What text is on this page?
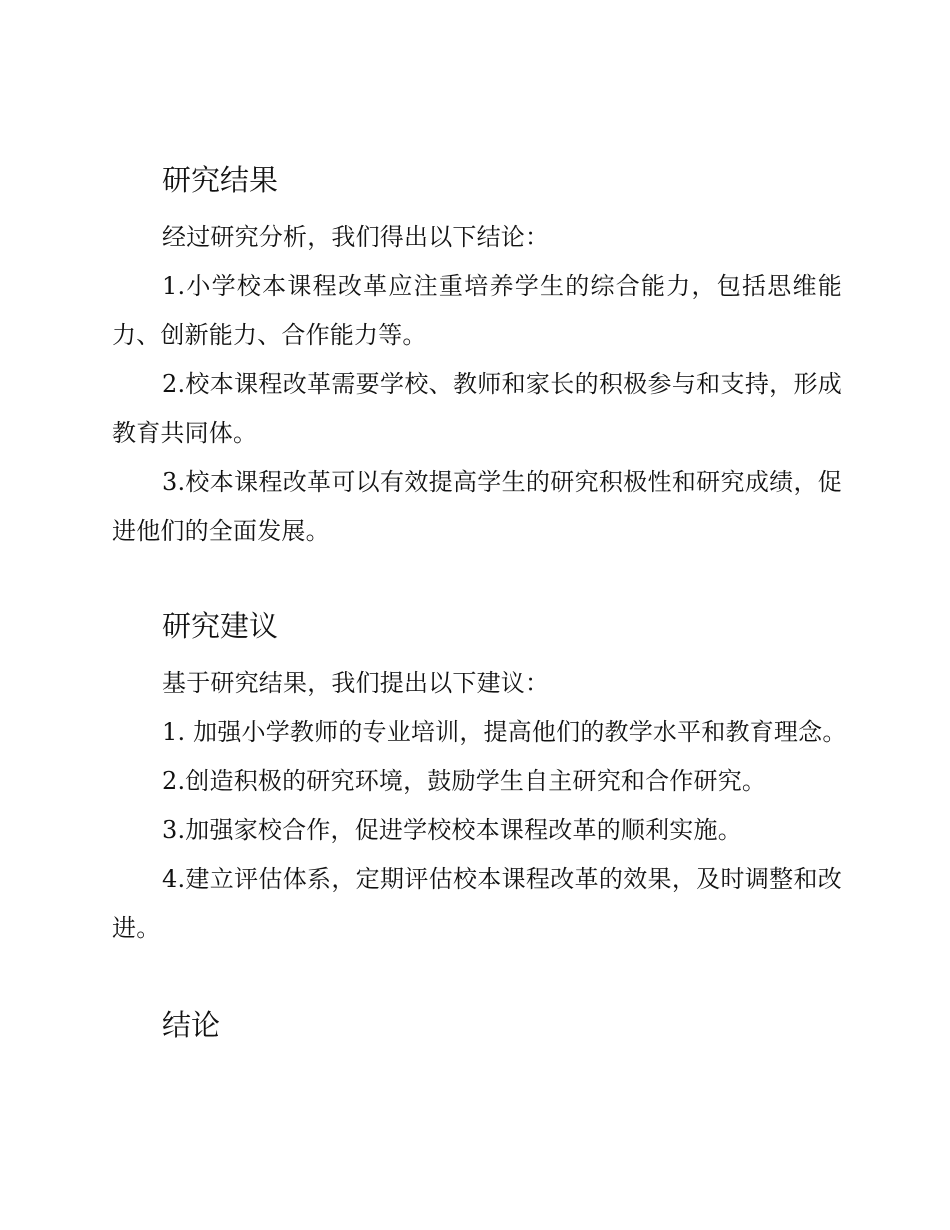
研究结果

经过研究分析，我们得出以下结论：

1.小学校本课程改革应注重培养学生的综合能力，包括思维能力、创新能力、合作能力等。

2.校本课程改革需要学校、教师和家长的积极参与和支持，形成教育共同体。

3.校本课程改革可以有效提高学生的研究积极性和研究成绩，促进他们的全面发展。

研究建议

基于研究结果，我们提出以下建议：

1. 加强小学教师的专业培训，提高他们的教学水平和教育理念。

2.创造积极的研究环境，鼓励学生自主研究和合作研究。

3.加强家校合作，促进学校校本课程改革的顺利实施。

4.建立评估体系，定期评估校本课程改革的效果，及时调整和改进。

结论
